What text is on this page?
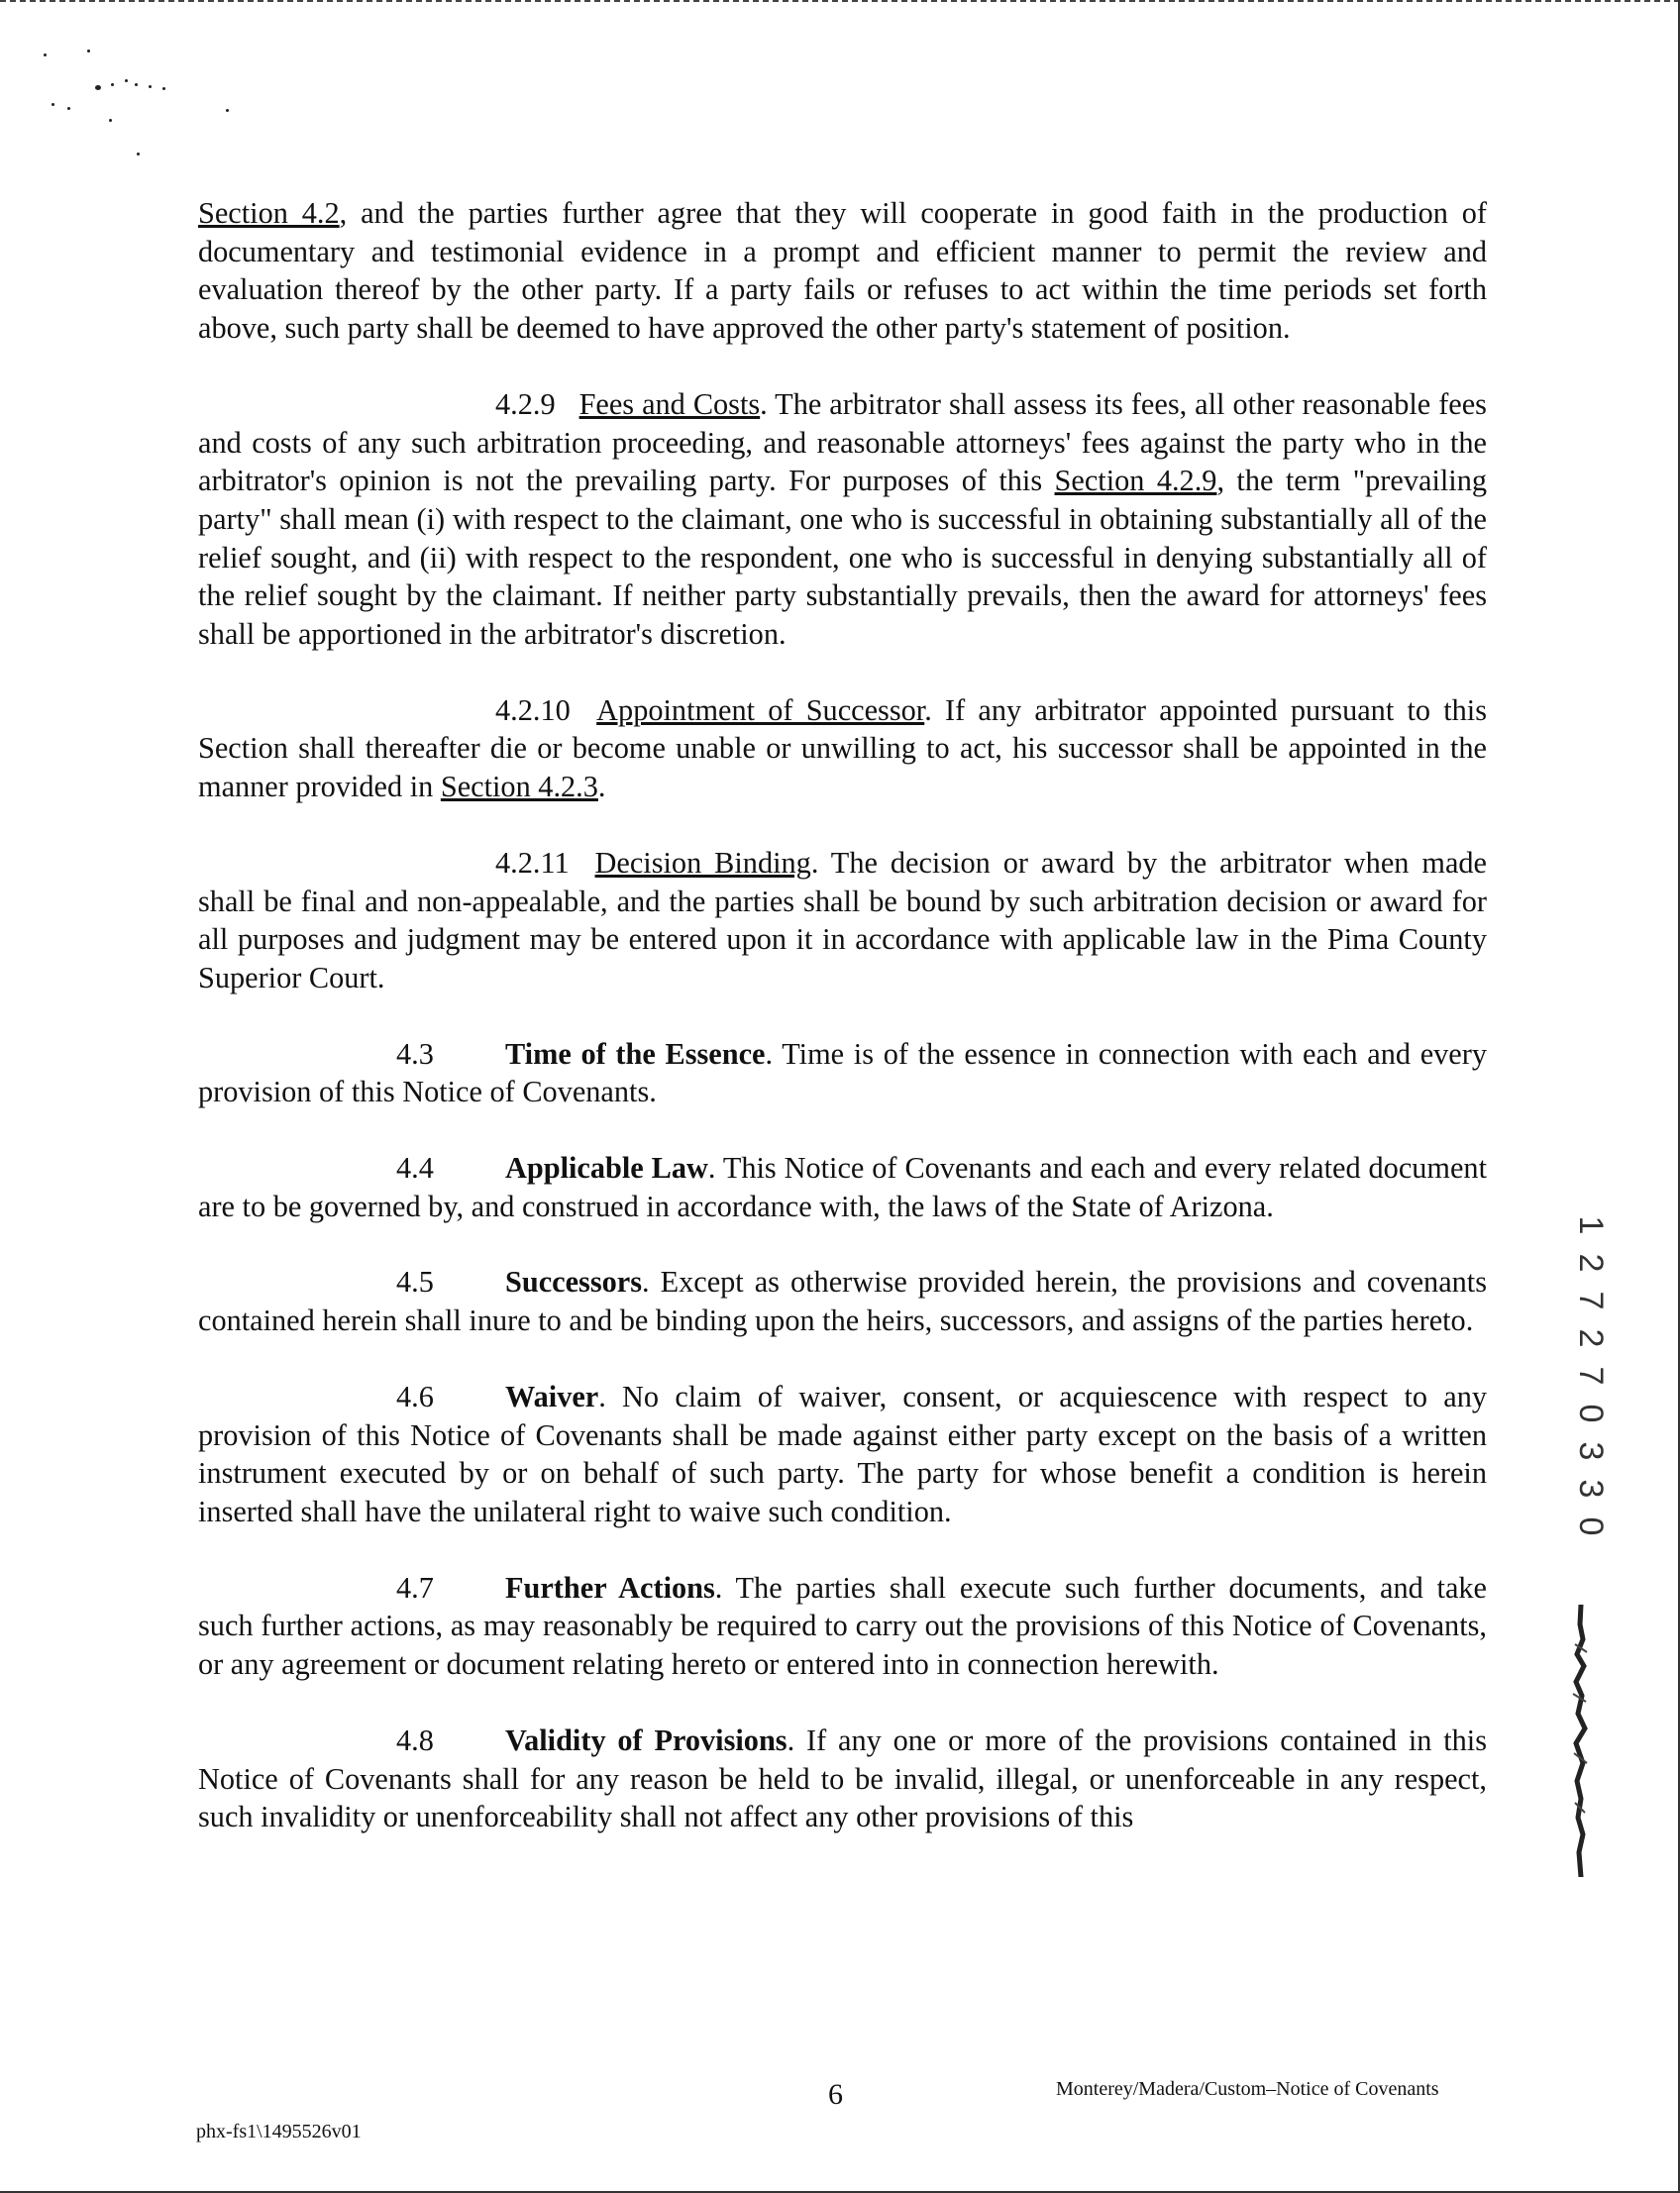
Section 4.2, and the parties further agree that they will cooperate in good faith in the production of documentary and testimonial evidence in a prompt and efficient manner to permit the review and evaluation thereof by the other party. If a party fails or refuses to act within the time periods set forth above, such party shall be deemed to have approved the other party's statement of position.

4.2.9 Fees and Costs. The arbitrator shall assess its fees, all other reasonable fees and costs of any such arbitration proceeding, and reasonable attorneys' fees against the party who in the arbitrator's opinion is not the prevailing party. For purposes of this Section 4.2.9, the term "prevailing party" shall mean (i) with respect to the claimant, one who is successful in obtaining substantially all of the relief sought, and (ii) with respect to the respondent, one who is successful in denying substantially all of the relief sought by the claimant. If neither party substantially prevails, then the award for attorneys' fees shall be apportioned in the arbitrator's discretion.

4.2.10 Appointment of Successor. If any arbitrator appointed pursuant to this Section shall thereafter die or become unable or unwilling to act, his successor shall be appointed in the manner provided in Section 4.2.3.

4.2.11 Decision Binding. The decision or award by the arbitrator when made shall be final and non-appealable, and the parties shall be bound by such arbitration decision or award for all purposes and judgment may be entered upon it in accordance with applicable law in the Pima County Superior Court.

4.3 Time of the Essence. Time is of the essence in connection with each and every provision of this Notice of Covenants.

4.4 Applicable Law. This Notice of Covenants and each and every related document are to be governed by, and construed in accordance with, the laws of the State of Arizona.

4.5 Successors. Except as otherwise provided herein, the provisions and covenants contained herein shall inure to and be binding upon the heirs, successors, and assigns of the parties hereto.

4.6 Waiver. No claim of waiver, consent, or acquiescence with respect to any provision of this Notice of Covenants shall be made against either party except on the basis of a written instrument executed by or on behalf of such party. The party for whose benefit a condition is herein inserted shall have the unilateral right to waive such condition.

4.7 Further Actions. The parties shall execute such further documents, and take such further actions, as may reasonably be required to carry out the provisions of this Notice of Covenants, or any agreement or document relating hereto or entered into in connection herewith.

4.8 Validity of Provisions. If any one or more of the provisions contained in this Notice of Covenants shall for any reason be held to be invalid, illegal, or unenforceable in any respect, such invalidity or unenforceability shall not affect any other provisions of this

1
2
7
2
7
0
3
3
0
6	Monterey/Madera/Custom–Notice of Covenants
phx-fs1\1495526v01
